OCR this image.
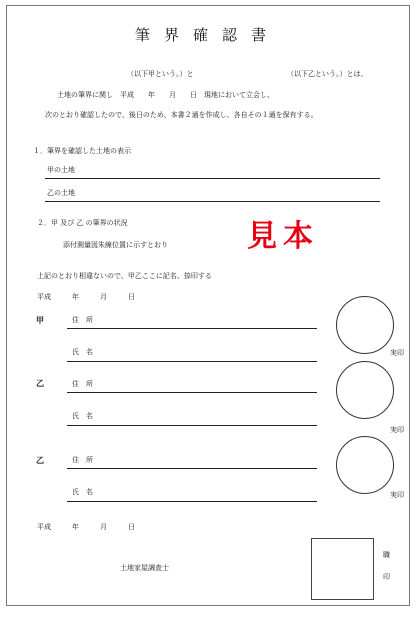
筆界確認書
（以下甲という。）と	（以下乙という。）とは、
土地の筆界に関し　平成　　年　　月　　日　現地において立会し、
次のとおり確認したので、後日のため、本書２通を作成し、各自その１通を保有する。
１．筆界を確認した土地の表示
甲の土地
乙の土地
２．甲 及び 乙 の筆界の状況
添付測量図朱線位置に示すとおり	見本
上記のとおり相違ないので、甲乙ここに記名、捺印する
平成　　　年　　　月　　　日
甲	住　所
氏　名	実印
乙	住　所
氏　名
実印
乙	住　所
氏　名	実印
平成　　　年　　　月　　　日
土地家屋調査士
職
印
